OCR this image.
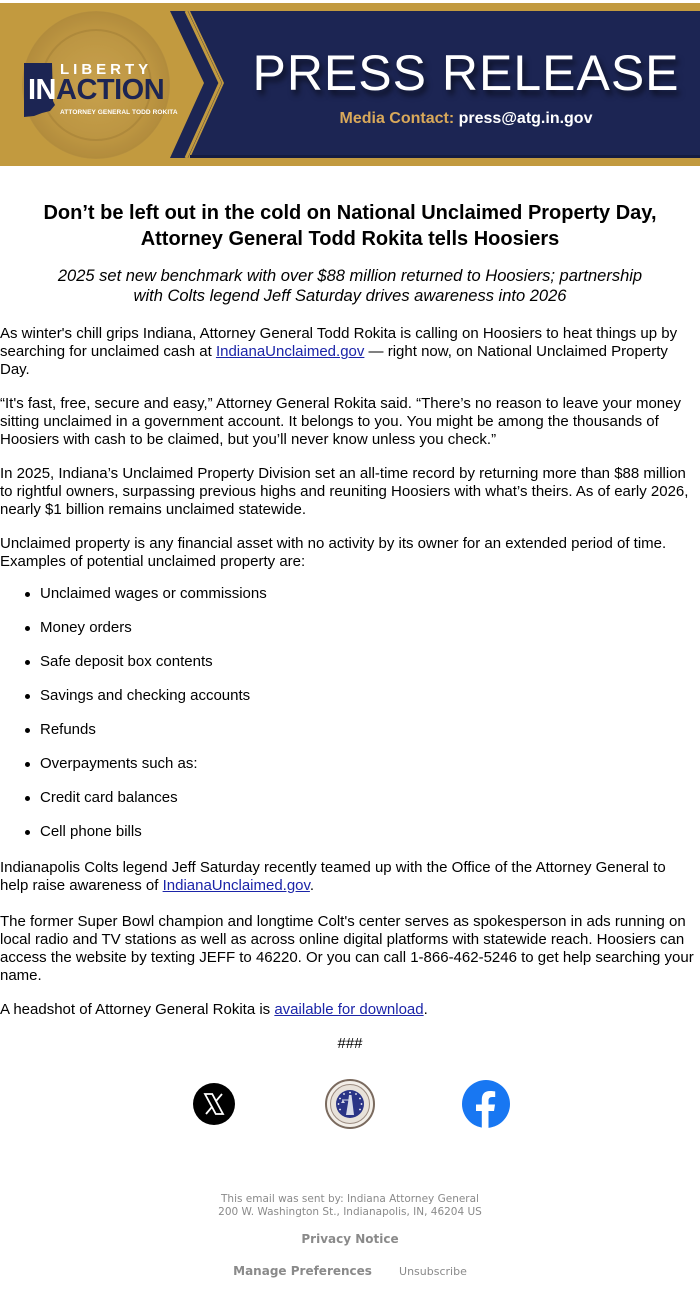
LIBERTY
INACTION
ATTORNEY GENERAL TODD ROKITA
PRESS RELEASE
Media Contact: press@atg.in.gov
Don’t be left out in the cold on National Unclaimed Property Day,
Attorney General Todd Rokita tells Hoosiers
2025 set new benchmark with over $88 million returned to Hoosiers; partnership
with Colts legend Jeff Saturday drives awareness into 2026

As winter's chill grips Indiana, Attorney General Todd Rokita is calling on Hoosiers to heat things up by searching for unclaimed cash at IndianaUnclaimed.gov — right now, on National Unclaimed Property Day.

“It's fast, free, secure and easy,” Attorney General Rokita said. “There’s no reason to leave your money sitting unclaimed in a government account. It belongs to you. You might be among the thousands of Hoosiers with cash to be claimed, but you’ll never know unless you check.”

In 2025, Indiana’s Unclaimed Property Division set an all-time record by returning more than $88 million to rightful owners, surpassing previous highs and reuniting Hoosiers with what’s theirs. As of early 2026, nearly $1 billion remains unclaimed statewide.

Unclaimed property is any financial asset with no activity by its owner for an extended period of time. Examples of potential unclaimed property are:

Unclaimed wages or commissions
Money orders
Safe deposit box contents
Savings and checking accounts
Refunds
Overpayments such as:
Credit card balances
Cell phone bills

Indianapolis Colts legend Jeff Saturday recently teamed up with the Office of the Attorney General to help raise awareness of IndianaUnclaimed.gov.

The former Super Bowl champion and longtime Colt's center serves as spokesperson in ads running on local radio and TV stations as well as across online digital platforms with statewide reach. Hoosiers can access the website by texting JEFF to 46220. Or you can call 1-866-462-5246 to get help searching your name.

A headshot of Attorney General Rokita is available for download.

###
This email was sent by: Indiana Attorney General
200 W. Washington St., Indianapolis, IN, 46204 US
Privacy Notice
Manage Preferences Unsubscribe
